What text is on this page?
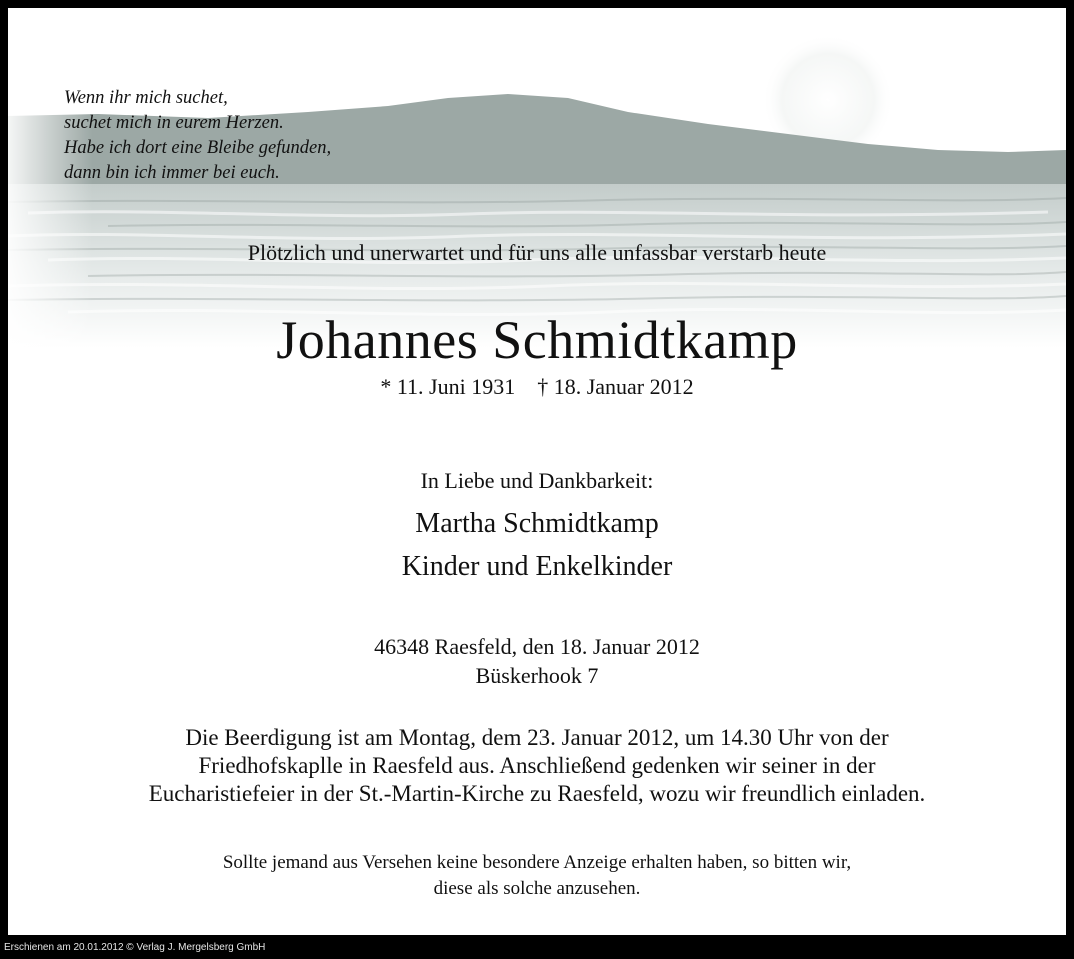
Wenn ihr mich suchet,
suchet mich in eurem Herzen.
Habe ich dort eine Bleibe gefunden,
dann bin ich immer bei euch.
Plötzlich und unerwartet und für uns alle unfassbar verstarb heute
Johannes Schmidtkamp
* 11. Juni 1931 † 18. Januar 2012
In Liebe und Dankbarkeit:
Martha Schmidtkamp
Kinder und Enkelkinder
46348 Raesfeld, den 18. Januar 2012
Büskerhook 7
Die Beerdigung ist am Montag, dem 23. Januar 2012, um 14.30 Uhr von der
Friedhofskaplle in Raesfeld aus. Anschließend gedenken wir seiner in der
Eucharistiefeier in der St.-Martin-Kirche zu Raesfeld, wozu wir freundlich einladen.
Sollte jemand aus Versehen keine besondere Anzeige erhalten haben, so bitten wir,
diese als solche anzusehen.
Erschienen am 20.01.2012 © Verlag J. Mergelsberg GmbH
